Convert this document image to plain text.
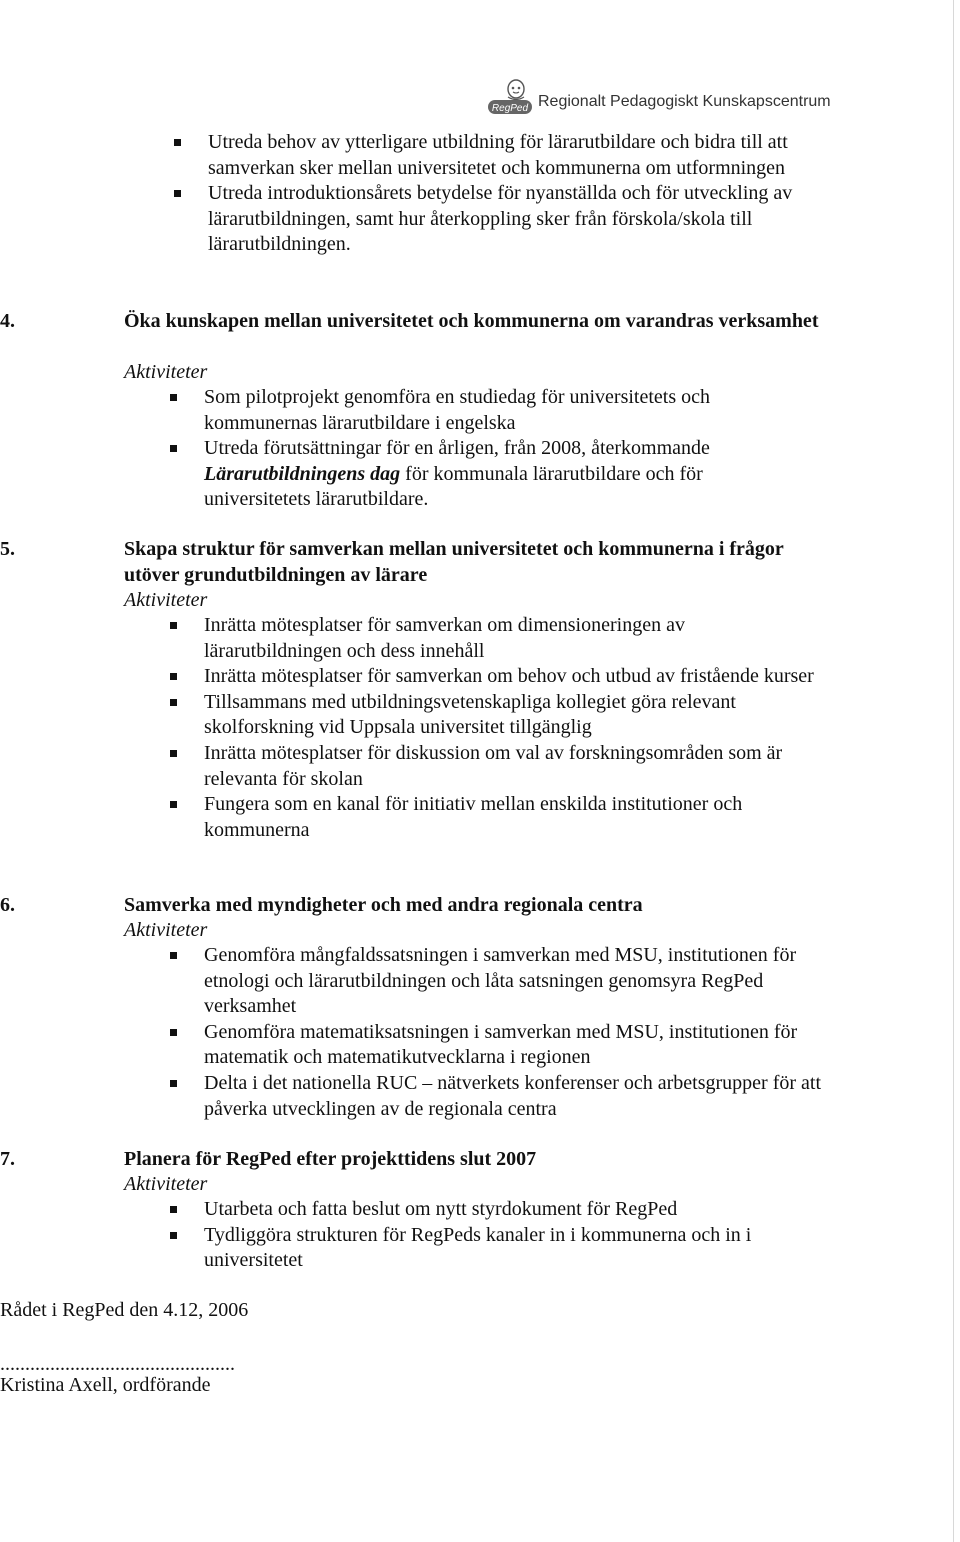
RegPed Regionalt Pedagogiskt Kunskapscentrum
Utreda behov av ytterligare utbildning för lärarutbildare och bidra till att samverkan sker mellan universitetet och kommunerna om utformningen
Utreda introduktionsårets betydelse för nyanställda och för utveckling av lärarutbildningen, samt hur återkoppling sker från förskola/skola till lärarutbildningen.
4.	Öka kunskapen mellan universitetet och kommunerna om varandras verksamhet

Aktiviteter
Som pilotprojekt genomföra en studiedag för universitetets och kommunernas lärarutbildare i engelska
Utreda förutsättningar för en årligen, från 2008, återkommande Lärarutbildningens dag för kommunala lärarutbildare och för universitetets lärarutbildare.
5.	Skapa struktur för samverkan mellan universitetet och kommunerna i frågor utöver grundutbildningen av lärare

Aktiviteter
Inrätta mötesplatser för samverkan om dimensioneringen av lärarutbildningen och dess innehåll
Inrätta mötesplatser för samverkan om behov och utbud av fristående kurser
Tillsammans med utbildningsvetenskapliga kollegiet göra relevant skolforskning vid Uppsala universitet tillgänglig
Inrätta mötesplatser för diskussion om val av forskningsområden som är relevanta för skolan
Fungera som en kanal för initiativ mellan enskilda institutioner och kommunerna
6.	Samverka med myndigheter och med andra regionala centra

Aktiviteter
Genomföra mångfaldssatsningen i samverkan med MSU, institutionen för etnologi och lärarutbildningen och låta satsningen genomsyra RegPed verksamhet
Genomföra matematiksatsningen i samverkan med MSU, institutionen för matematik och matematikutvecklarna i regionen
Delta i det nationella RUC – nätverkets konferenser och arbetsgrupper för att påverka utvecklingen av de regionala centra
7.	Planera för RegPed efter projekttidens slut 2007

Aktiviteter
Utarbeta och fatta beslut om nytt styrdokument för RegPed
Tydliggöra strukturen för RegPeds kanaler in i kommunerna och in i universitetet
Rådet i RegPed den 4.12, 2006
...............................................
Kristina Axell, ordförande
